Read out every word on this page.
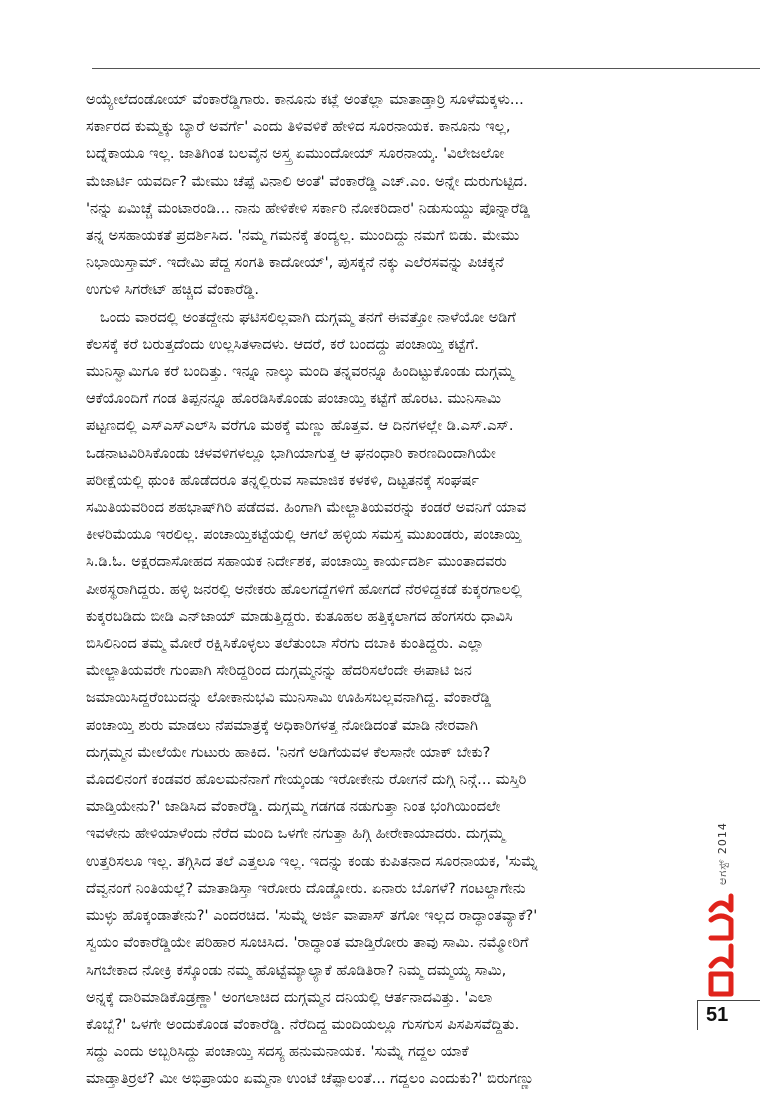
ಅಯ್ಯೇಲೆದಂಡೋಯ್ ವೆಂಕಾರೆಡ್ಡಿಗಾರು. ಕಾನೂನು ಕಟ್ಲೆ ಅಂತೆಲ್ಲಾ ಮಾತಾಡ್ತಾರ್ರಿ ಸೂಳೆಮಕ್ಕಳು...
ಸರ್ಕಾರದ ಕುಮ್ಮಕ್ಕು ಬ್ಯಾರೆ ಅವರ್ಗೆ' ಎಂದು ತಿಳಿವಳಿಕೆ ಹೇಳಿದ ಸೂರನಾಯಕ. ಕಾನೂನು ಇಲ್ಲ,
ಬದ್ನೆಕಾಯೂ ಇಲ್ಲ. ಜಾತಿಗಿಂತ ಬಲವೈನ ಅಸ್ತ್ರ ಏಮುಂದೋಯ್ ಸೂರನಾಯ್ಕ. 'ವಿಲೇಜಲೋ
ಮೆಜಾರ್ಟಿ ಯವರ್ದಿ? ಮೇಮು ಚೆಪ್ಪೆ ವಿನಾಲಿ ಅಂತೆ' ವೆಂಕಾರೆಡ್ಡಿ ಎಚ್.ಎಂ. ಅನ್ನೇ ದುರುಗುಟ್ಟಿದ.
'ನನ್ನು ಏಮಿಚ್ಚೆ ಮಂಟಾರಂಡಿ... ನಾನು ಹೇಳಿಕೇಳಿ ಸರ್ಕಾರಿ ನೋಕರಿದಾರ' ನಿಡುಸುಯ್ದು ಪೊನ್ನಾರೆಡ್ಡಿ
ತನ್ನ ಅಸಹಾಯಕತೆ ಪ್ರದರ್ಶಿಸಿದ. 'ನಮ್ಮ ಗಮನಕ್ಕೆ ತಂದ್ಯಲ್ಲ. ಮುಂದಿದ್ದು ನಮಗೆ ಬಿಡು. ಮೇಮು
ನಿಭಾಯಿಸ್ತಾಮ್. ಇದೇಮಿ ಪೆದ್ದ ಸಂಗತಿ ಕಾದೋಯ್', ಪುಸಕ್ಕನೆ ನಕ್ಕು ಎಲೆರಸವನ್ನು ಪಿಚಕ್ಕನೆ
ಉಗುಳಿ ಸಿಗರೇಟ್ ಹಚ್ಚಿದ ವೆಂಕಾರೆಡ್ಡಿ.

ಒಂದು ವಾರದಲ್ಲಿ ಅಂತದ್ದೇನು ಘಟಿಸಲಿಲ್ಲವಾಗಿ ದುಗ್ಗಮ್ಮ ತನಗೆ ಈವತ್ತೋ ನಾಳೆಯೋ ಅಡಿಗೆ
ಕೆಲಸಕ್ಕೆ ಕರೆ ಬರುತ್ತದೆಂದು ಉಲ್ಲಸಿತಳಾದಳು. ಆದರೆ, ಕರೆ ಬಂದದ್ದು ಪಂಚಾಯ್ತಿ ಕಟ್ಟೆಗೆ.
ಮುನಿಸ್ವಾಮಿಗೂ ಕರೆ ಬಂದಿತ್ತು. ಇನ್ನೂ ನಾಲ್ಕು ಮಂದಿ ತನ್ನವರನ್ನೂ ಹಿಂದಿಟ್ಟುಕೊಂಡು ದುಗ್ಗಮ್ಮ
ಆಕೆಯೊಂದಿಗೆ ಗಂಡ ತಿಪ್ಪನನ್ನೂ ಹೊರಡಿಸಿಕೊಂಡು ಪಂಚಾಯ್ತಿ ಕಟ್ಟೆಗೆ ಹೊರಟ. ಮುನಿಸಾಮಿ
ಪಟ್ಟಣದಲ್ಲಿ ಎಸ್‌ಎಸ್‌ಎಲ್‌ಸಿ ವರೆಗೂ ಮಠಕ್ಕೆ ಮಣ್ಣು ಹೊತ್ತವ. ಆ ದಿನಗಳಲ್ಲೇ ಡಿ.ಎಸ್.ಎಸ್.
ಒಡನಾಟವಿರಿಸಿಕೊಂಡು ಚಳವಳಿಗಳಲ್ಲೂ ಭಾಗಿಯಾಗುತ್ತ ಆ ಘನಂಧಾರಿ ಕಾರಣದಿಂದಾಗಿಯೇ
ಪರೀಕ್ಷೆಯಲ್ಲಿ ಥುಂಕಿ ಹೊಡೆದರೂ ತನ್ನಲ್ಲಿರುವ ಸಾಮಾಜಿಕ ಕಳಕಳಿ, ದಿಟ್ಟತನಕ್ಕೆ ಸಂಘರ್ಷ
ಸಮಿತಿಯವರಿಂದ ಶಹಭಾಷ್‌ಗಿರಿ ಪಡೆದವ. ಹಿಂಗಾಗಿ ಮೇಲ್ಜಾತಿಯವರನ್ನು ಕಂಡರೆ ಅವನಿಗೆ ಯಾವ
ಕೀಳರಿಮೆಯೂ ಇರಲಿಲ್ಲ. ಪಂಚಾಯ್ತಿಕಟ್ಟೆಯಲ್ಲಿ ಆಗಲೆ ಹಳ್ಳಿಯ ಸಮಸ್ತ ಮುಖಂಡರು, ಪಂಚಾಯ್ತಿ
ಸಿ.ಡಿ.ಓ. ಅಕ್ಷರದಾಸೋಹದ ಸಹಾಯಕ ನಿರ್ದೇಶಕ, ಪಂಚಾಯ್ತಿ ಕಾರ್ಯದರ್ಶಿ ಮುಂತಾದವರು
ಪೀಠಸ್ಥರಾಗಿದ್ದರು. ಹಳ್ಳಿ ಜನರಲ್ಲಿ ಅನೇಕರು ಹೊಲಗದ್ದೆಗಳಿಗೆ ಹೋಗದೆ ನೆರಳಿದ್ದಕಡೆ ಕುಕ್ಕರಗಾಲಲ್ಲಿ
ಕುಕ್ಕರಬಡಿದು ಬೀಡಿ ಎನ್‌ಜಾಯ್ ಮಾಡುತ್ತಿದ್ದರು. ಕುತೂಹಲ ಹತ್ತಿಕ್ಕಲಾಗದ ಹೆಂಗಸರು ಧಾವಿಸಿ
ಬಿಸಿಲಿನಿಂದ ತಮ್ಮ ಮೋರೆ ರಕ್ಷಿಸಿಕೊಳ್ಳಲು ತಲೆತುಂಬಾ ಸೆರಗು ದಬಾಕಿ ಕುಂತಿದ್ದರು. ಎಲ್ಲಾ
ಮೇಲ್ಜಾತಿಯವರೇ ಗುಂಪಾಗಿ ಸೇರಿದ್ದರಿಂದ ದುಗ್ಗಮ್ಮನನ್ನು ಹೆದರಿಸಲೆಂದೇ ಈಪಾಟಿ ಜನ
ಜಮಾಯಿಸಿದ್ದರೆಂಬುದನ್ನು ಲೋಕಾನುಭವಿ ಮುನಿಸಾಮಿ ಊಹಿಸಬಲ್ಲವನಾಗಿದ್ದ. ವೆಂಕಾರೆಡ್ಡಿ
ಪಂಚಾಯ್ತಿ ಶುರು ಮಾಡಲು ನೆಪಮಾತ್ರಕ್ಕೆ ಅಧಿಕಾರಿಗಳತ್ತ ನೋಡಿದಂತೆ ಮಾಡಿ ನೇರವಾಗಿ
ದುಗ್ಗಮ್ಮನ ಮೇಲೆಯೇ ಗುಟುರು ಹಾಕಿದ. 'ನಿನಗೆ ಅಡಿಗೆಯವಳ ಕೆಲಸಾನೇ ಯಾಕ್ ಬೇಕು?
ಮೊದಲಿನಂಗೆ ಕಂಡವರ ಹೊಲಮನೆನಾಗೆ ಗೇಯ್ಕಂಡು ಇರೋಕೇನು ರೋಗನೆ ದುಗ್ಗಿ ನಿನ್ಗೆ... ಮಸ್ತಿರಿ
ಮಾಡ್ತಿಯೇನು?' ಜಾಡಿಸಿದ ವೆಂಕಾರೆಡ್ಡಿ. ದುಗ್ಗಮ್ಮ ಗಡಗಡ ನಡುಗುತ್ತಾ ನಿಂತ ಭಂಗಿಯಿಂದಲೇ
ಇವಳೇನು ಹೇಳಿಯಾಳೆಂದು ನೆರೆದ ಮಂದಿ ಒಳಗೇ ನಗುತ್ತಾ ಹಿಗ್ಗಿ ಹೀರೇಕಾಯಾದರು. ದುಗ್ಗಮ್ಮ
ಉತ್ತರಿಸಲೂ ಇಲ್ಲ. ತಗ್ಗಿಸಿದ ತಲೆ ಎತ್ತಲೂ ಇಲ್ಲ. ಇದನ್ನು ಕಂಡು ಕುಪಿತನಾದ ಸೂರನಾಯಕ, 'ಸುಮ್ನೆ
ದೆವ್ವನಂಗೆ ನಿಂತಿಯಲ್ಲೆ? ಮಾತಾಡಿಸ್ತಾ ಇರೋರು ದೊಡ್ಡೋರು. ಏನಾರು ಬೊಗಳೆ? ಗಂಟಲ್ದಾಗೇನು
ಮುಳ್ಳು ಹೊಕ್ಕಂಡಾತೇನು?' ಎಂದರಚಿದ. 'ಸುಮ್ನೆ ಅರ್ಜಿ ವಾಪಾಸ್ ತಗೋ ಇಲ್ಲದ ರಾದ್ಧಾಂತವ್ಯಾಕೆ?'
ಸ್ವಯಂ ವೆಂಕಾರೆಡ್ಡಿಯೇ ಪರಿಹಾರ ಸೂಚಿಸಿದ. 'ರಾದ್ಧಾಂತ ಮಾಡ್ತಿರೋರು ತಾವು ಸಾಮಿ. ನಮ್ಮೋರಿಗೆ
ಸಿಗಬೇಕಾದ ನೋಕ್ರಿ ಕಸ್ಕೊಂಡು ನಮ್ಮ ಹೊಟ್ಟೆಮ್ಯಾಲ್ಯಾಕೆ ಹೊಡಿತಿರಾ? ನಿಮ್ಮ ದಮ್ಮಯ್ಯ ಸಾಮಿ,
ಅನ್ನಕ್ಕೆ ದಾರಿಮಾಡಿಕೊಡ್ರಣ್ಣಾ' ಅಂಗಲಾಚಿದ ದುಗ್ಗಮ್ಮನ ದನಿಯಲ್ಲಿ ಆರ್ತನಾದವಿತ್ತು. 'ಎಲಾ
ಕೊಬ್ಬೆ?' ಒಳಗೇ ಅಂದುಕೊಂಡ ವೆಂಕಾರೆಡ್ಡಿ. ನೆರೆದಿದ್ದ ಮಂದಿಯಲ್ಲೂ ಗುಸಗುಸ ಪಿಸಪಿಸವೆದ್ದಿತು.
ಸದ್ದು ಎಂದು ಅಬ್ಬರಿಸಿದ್ದು ಪಂಚಾಯ್ತಿ ಸದಸ್ಯ ಹನುಮನಾಯಕ. 'ಸುಮ್ನೆ ಗದ್ದಲ ಯಾಕೆ
ಮಾಡ್ತಾತಿರ್ರಲೆ? ಮೀ ಅಭಿಪ್ರಾಯಂ ಏಮ್ಮನಾ ಉಂಟೆ ಚೆಪ್ಪಾಲಂತೆ... ಗದ್ದಲಂ ಎಂದುಕು?' ಬಿರುಗಣ್ಣು

ಆಗಸ್ಟ್ 2014
ಮಯೂರ
51
